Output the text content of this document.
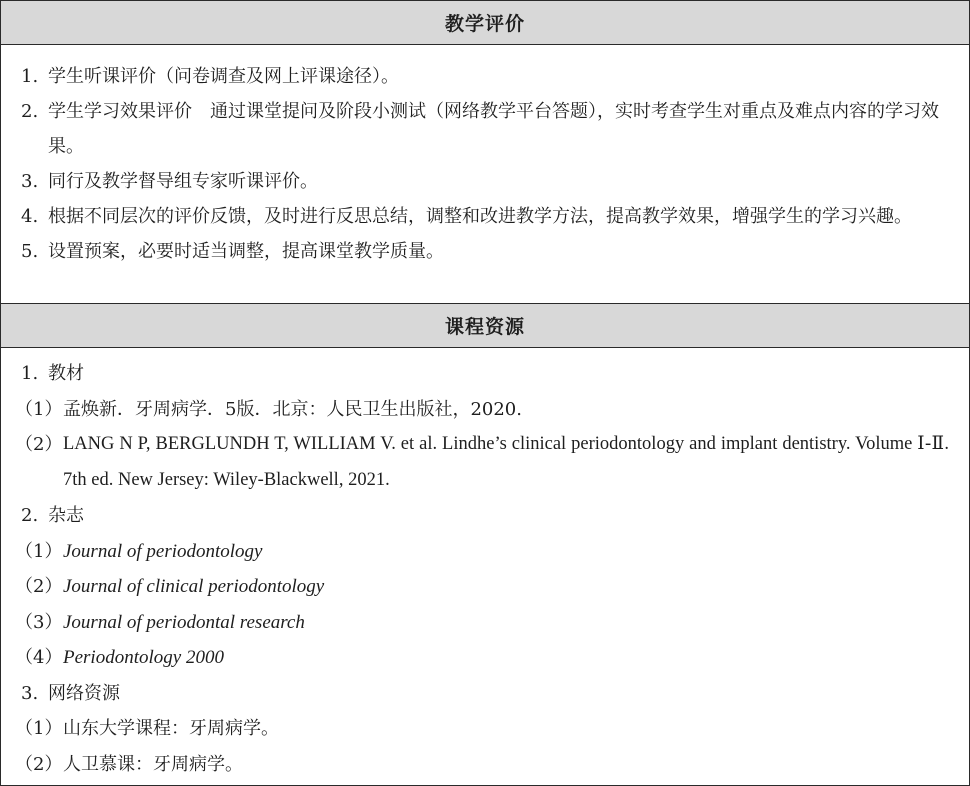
教学评价
1. 学生听课评价（问卷调查及网上评课途径）。
2. 学生学习效果评价　通过课堂提问及阶段小测试（网络教学平台答题），实时考查学生对重点及难点内容的学习效果。
3. 同行及教学督导组专家听课评价。
4. 根据不同层次的评价反馈，及时进行反思总结，调整和改进教学方法，提高教学效果，增强学生的学习兴趣。
5. 设置预案，必要时适当调整，提高课堂教学质量。
课程资源
1. 教材
（1） 孟焕新．牙周病学．5版．北京：人民卫生出版社，2020.
（2） LANG N P, BERGLUNDH T, WILLIAM V. et al. Lindhe’s clinical periodontology and implant dentistry. Volume Ⅰ-Ⅱ. 7th ed. New Jersey: Wiley-Blackwell, 2021.
2. 杂志
（1） Journal of periodontology
（2） Journal of clinical periodontology
（3） Journal of periodontal research
（4） Periodontology 2000
3. 网络资源
（1） 山东大学课程：牙周病学。
（2） 人卫慕课：牙周病学。
